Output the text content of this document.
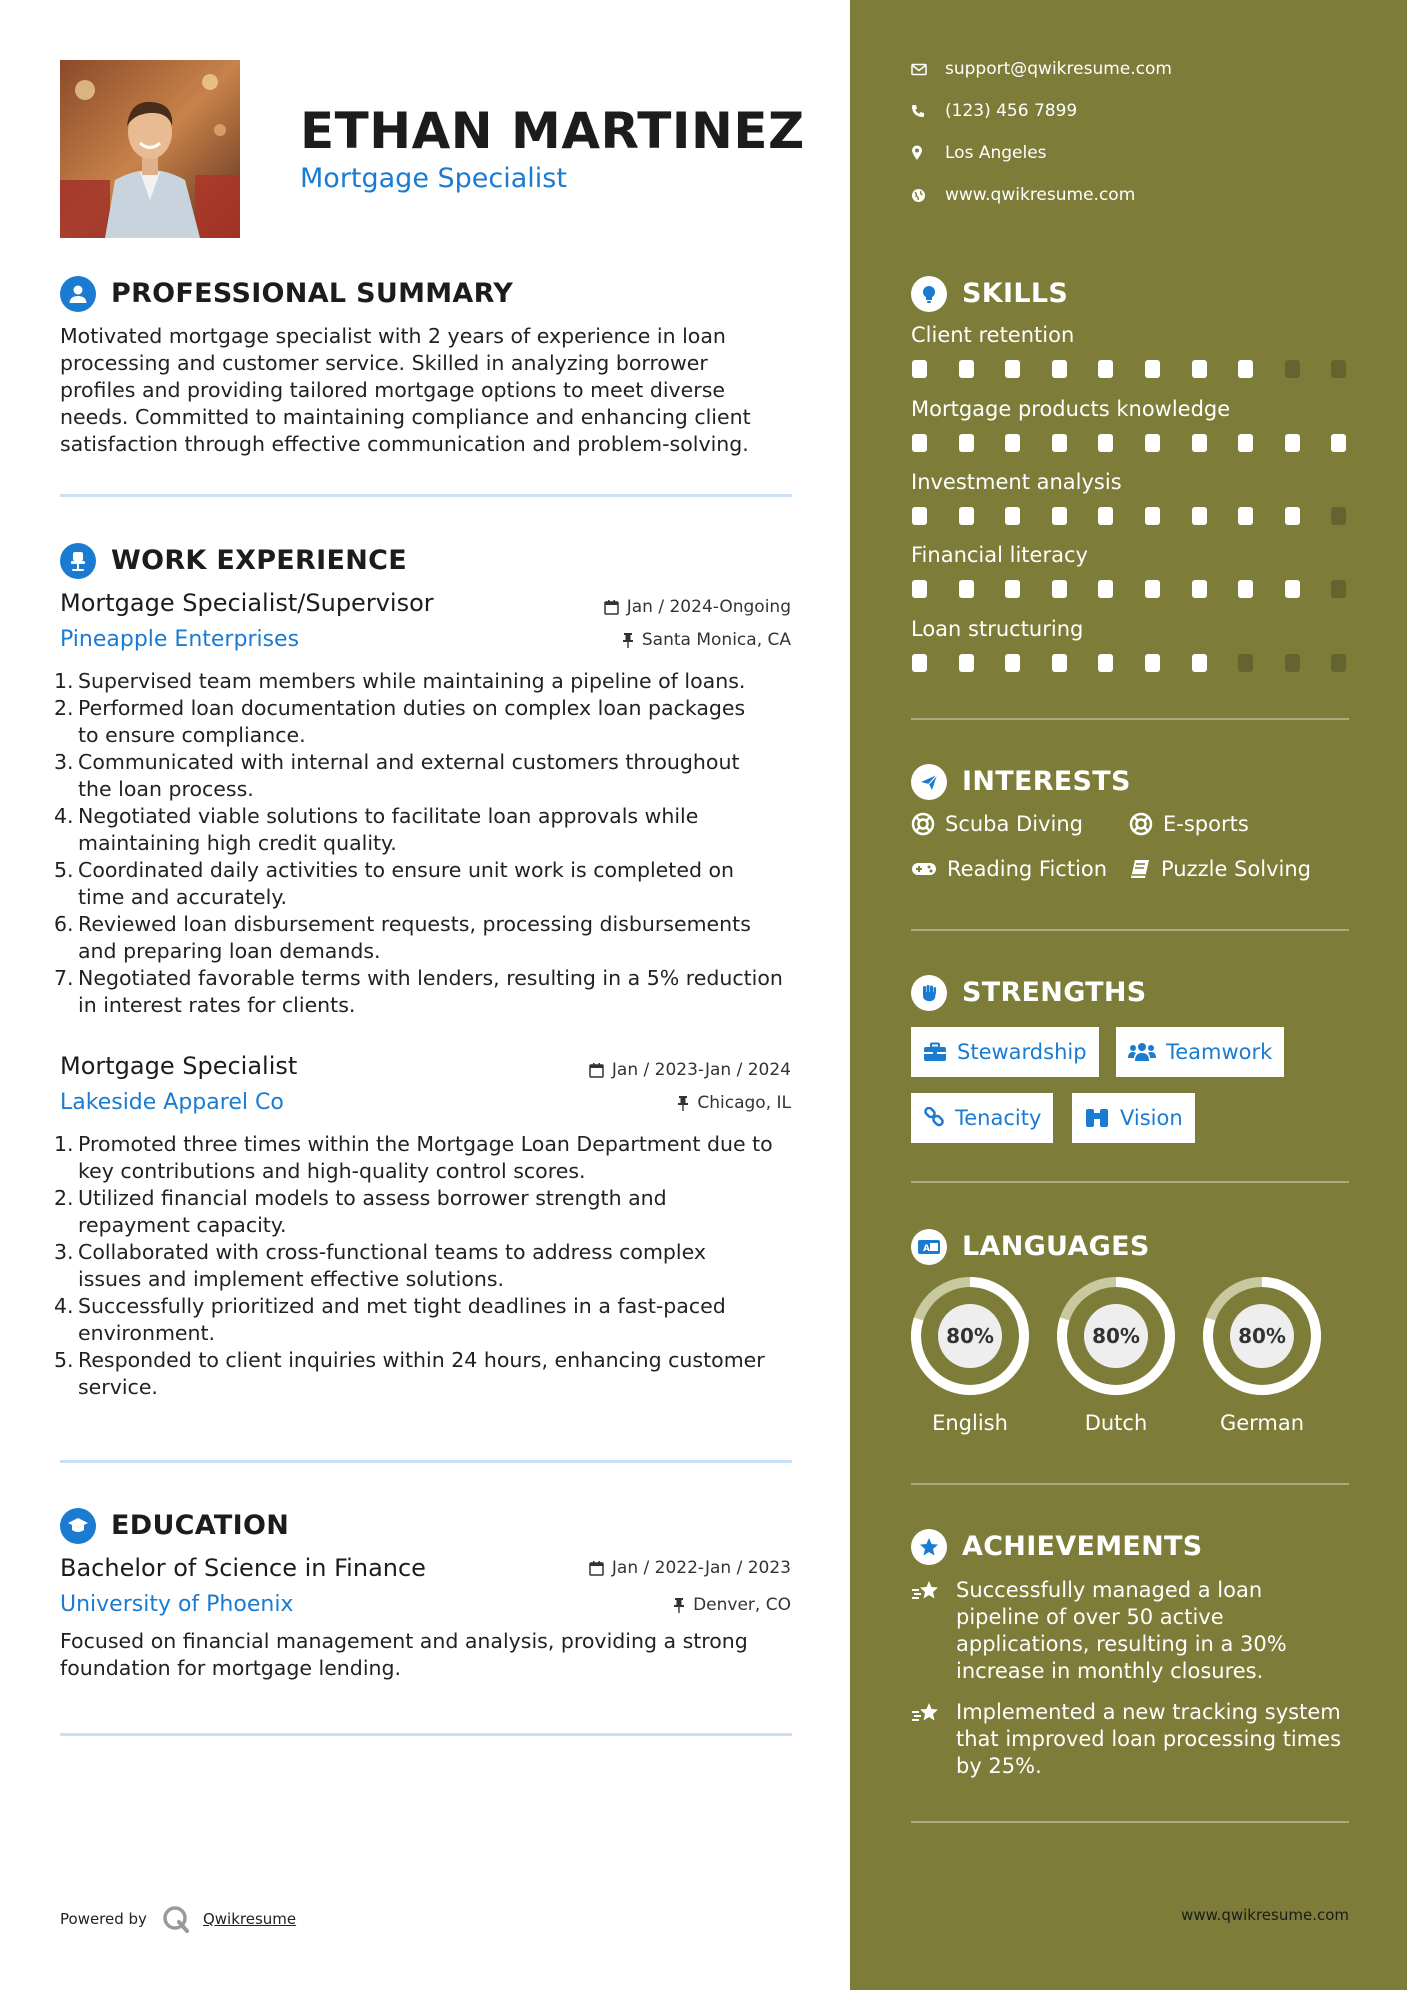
ETHAN MARTINEZ
Mortgage Specialist
PROFESSIONAL SUMMARY
Motivated mortgage specialist with 2 years of experience in loan
processing and customer service. Skilled in analyzing borrower
profiles and providing tailored mortgage options to meet diverse
needs. Committed to maintaining compliance and enhancing client
satisfaction through effective communication and problem-solving.
WORK EXPERIENCE
Mortgage Specialist/Supervisor	Jan / 2024-Ongoing
Pineapple Enterprises	Santa Monica, CA
Supervised team members while maintaining a pipeline of loans.
Performed loan documentation duties on complex loan packages
to ensure compliance.
Communicated with internal and external customers throughout
the loan process.
Negotiated viable solutions to facilitate loan approvals while
maintaining high credit quality.
Coordinated daily activities to ensure unit work is completed on
time and accurately.
Reviewed loan disbursement requests, processing disbursements
and preparing loan demands.
Negotiated favorable terms with lenders, resulting in a 5% reduction
in interest rates for clients.
Mortgage Specialist	Jan / 2023-Jan / 2024
Lakeside Apparel Co	Chicago, IL
Promoted three times within the Mortgage Loan Department due to
key contributions and high-quality control scores.
Utilized financial models to assess borrower strength and
repayment capacity.
Collaborated with cross-functional teams to address complex
issues and implement effective solutions.
Successfully prioritized and met tight deadlines in a fast-paced
environment.
Responded to client inquiries within 24 hours, enhancing customer
service.
EDUCATION
Bachelor of Science in Finance	Jan / 2022-Jan / 2023
University of Phoenix	Denver, CO
Focused on financial management and analysis, providing a strong
foundation for mortgage lending.
Powered by	Qwikresume	www.qwikresume.com
support@qwikresume.com
(123) 456 7899
Los Angeles
www.qwikresume.com
SKILLS
Client retention
Mortgage products knowledge
Investment analysis
Financial literacy
Loan structuring
INTERESTS
Scuba Diving	E-sports
Reading Fiction	Puzzle Solving
STRENGTHS
Stewardship	Teamwork
Tenacity	Vision
A LANGUAGES
80%	80%	80%
English	Dutch	German
ACHIEVEMENTS
Successfully managed a loan
pipeline of over 50 active
applications, resulting in a 30%
increase in monthly closures.
Implemented a new tracking system
that improved loan processing times
by 25%.
